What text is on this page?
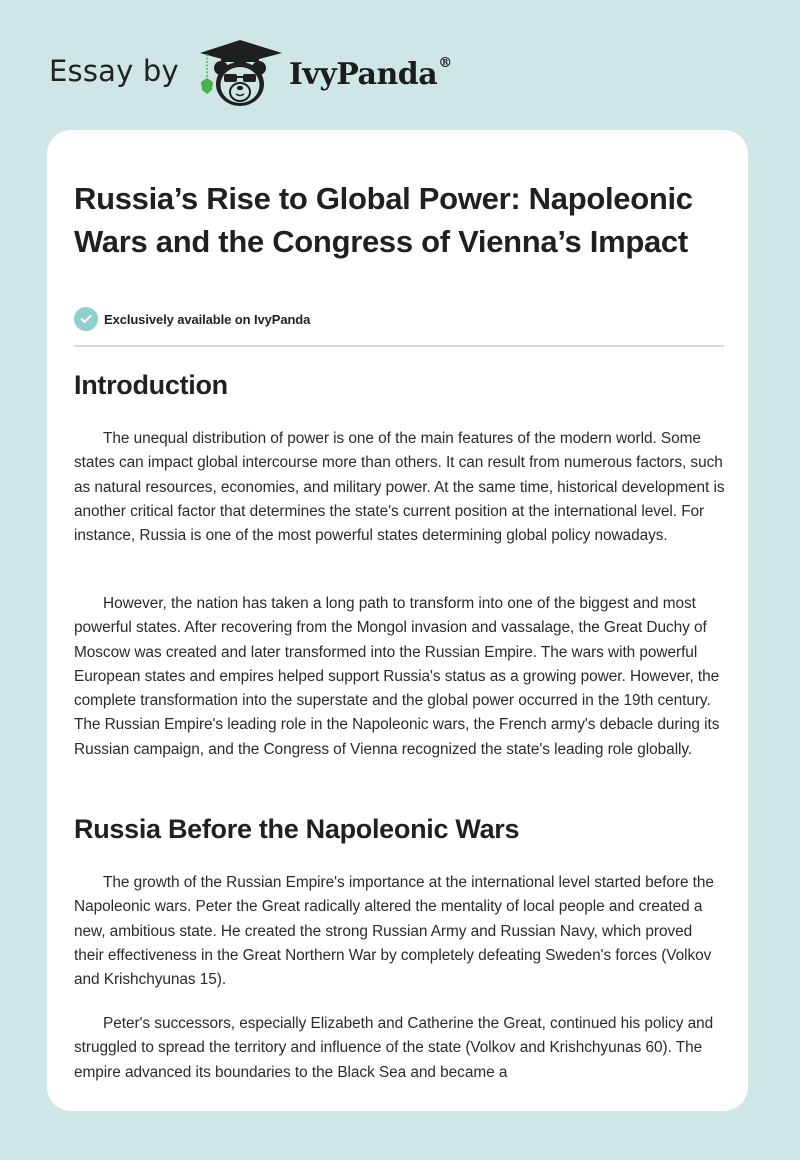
Essay by	IvyPanda®
Russia’s Rise to Global Power: Napoleonic Wars and the Congress of Vienna’s Impact
Exclusively available on IvyPanda
Introduction

The unequal distribution of power is one of the main features of the modern world. Some states can impact global intercourse more than others. It can result from numerous factors, such as natural resources, economies, and military power. At the same time, historical development is another critical factor that determines the state's current position at the international level. For instance, Russia is one of the most powerful states determining global policy nowadays.

However, the nation has taken a long path to transform into one of the biggest and most powerful states. After recovering from the Mongol invasion and vassalage, the Great Duchy of Moscow was created and later transformed into the Russian Empire. The wars with powerful European states and empires helped support Russia's status as a growing power. However, the complete transformation into the superstate and the global power occurred in the 19th century. The Russian Empire's leading role in the Napoleonic wars, the French army's debacle during its Russian campaign, and the Congress of Vienna recognized the state's leading role globally.

Russia Before the Napoleonic Wars

The growth of the Russian Empire's importance at the international level started before the Napoleonic wars. Peter the Great radically altered the mentality of local people and created a new, ambitious state. He created the strong Russian Army and Russian Navy, which proved their effectiveness in the Great Northern War by completely defeating Sweden's forces (Volkov and Krishchyunas 15).

Peter's successors, especially Elizabeth and Catherine the Great, continued his policy and struggled to spread the territory and influence of the state (Volkov and Krishchyunas 60). The empire advanced its boundaries to the Black Sea and became a
